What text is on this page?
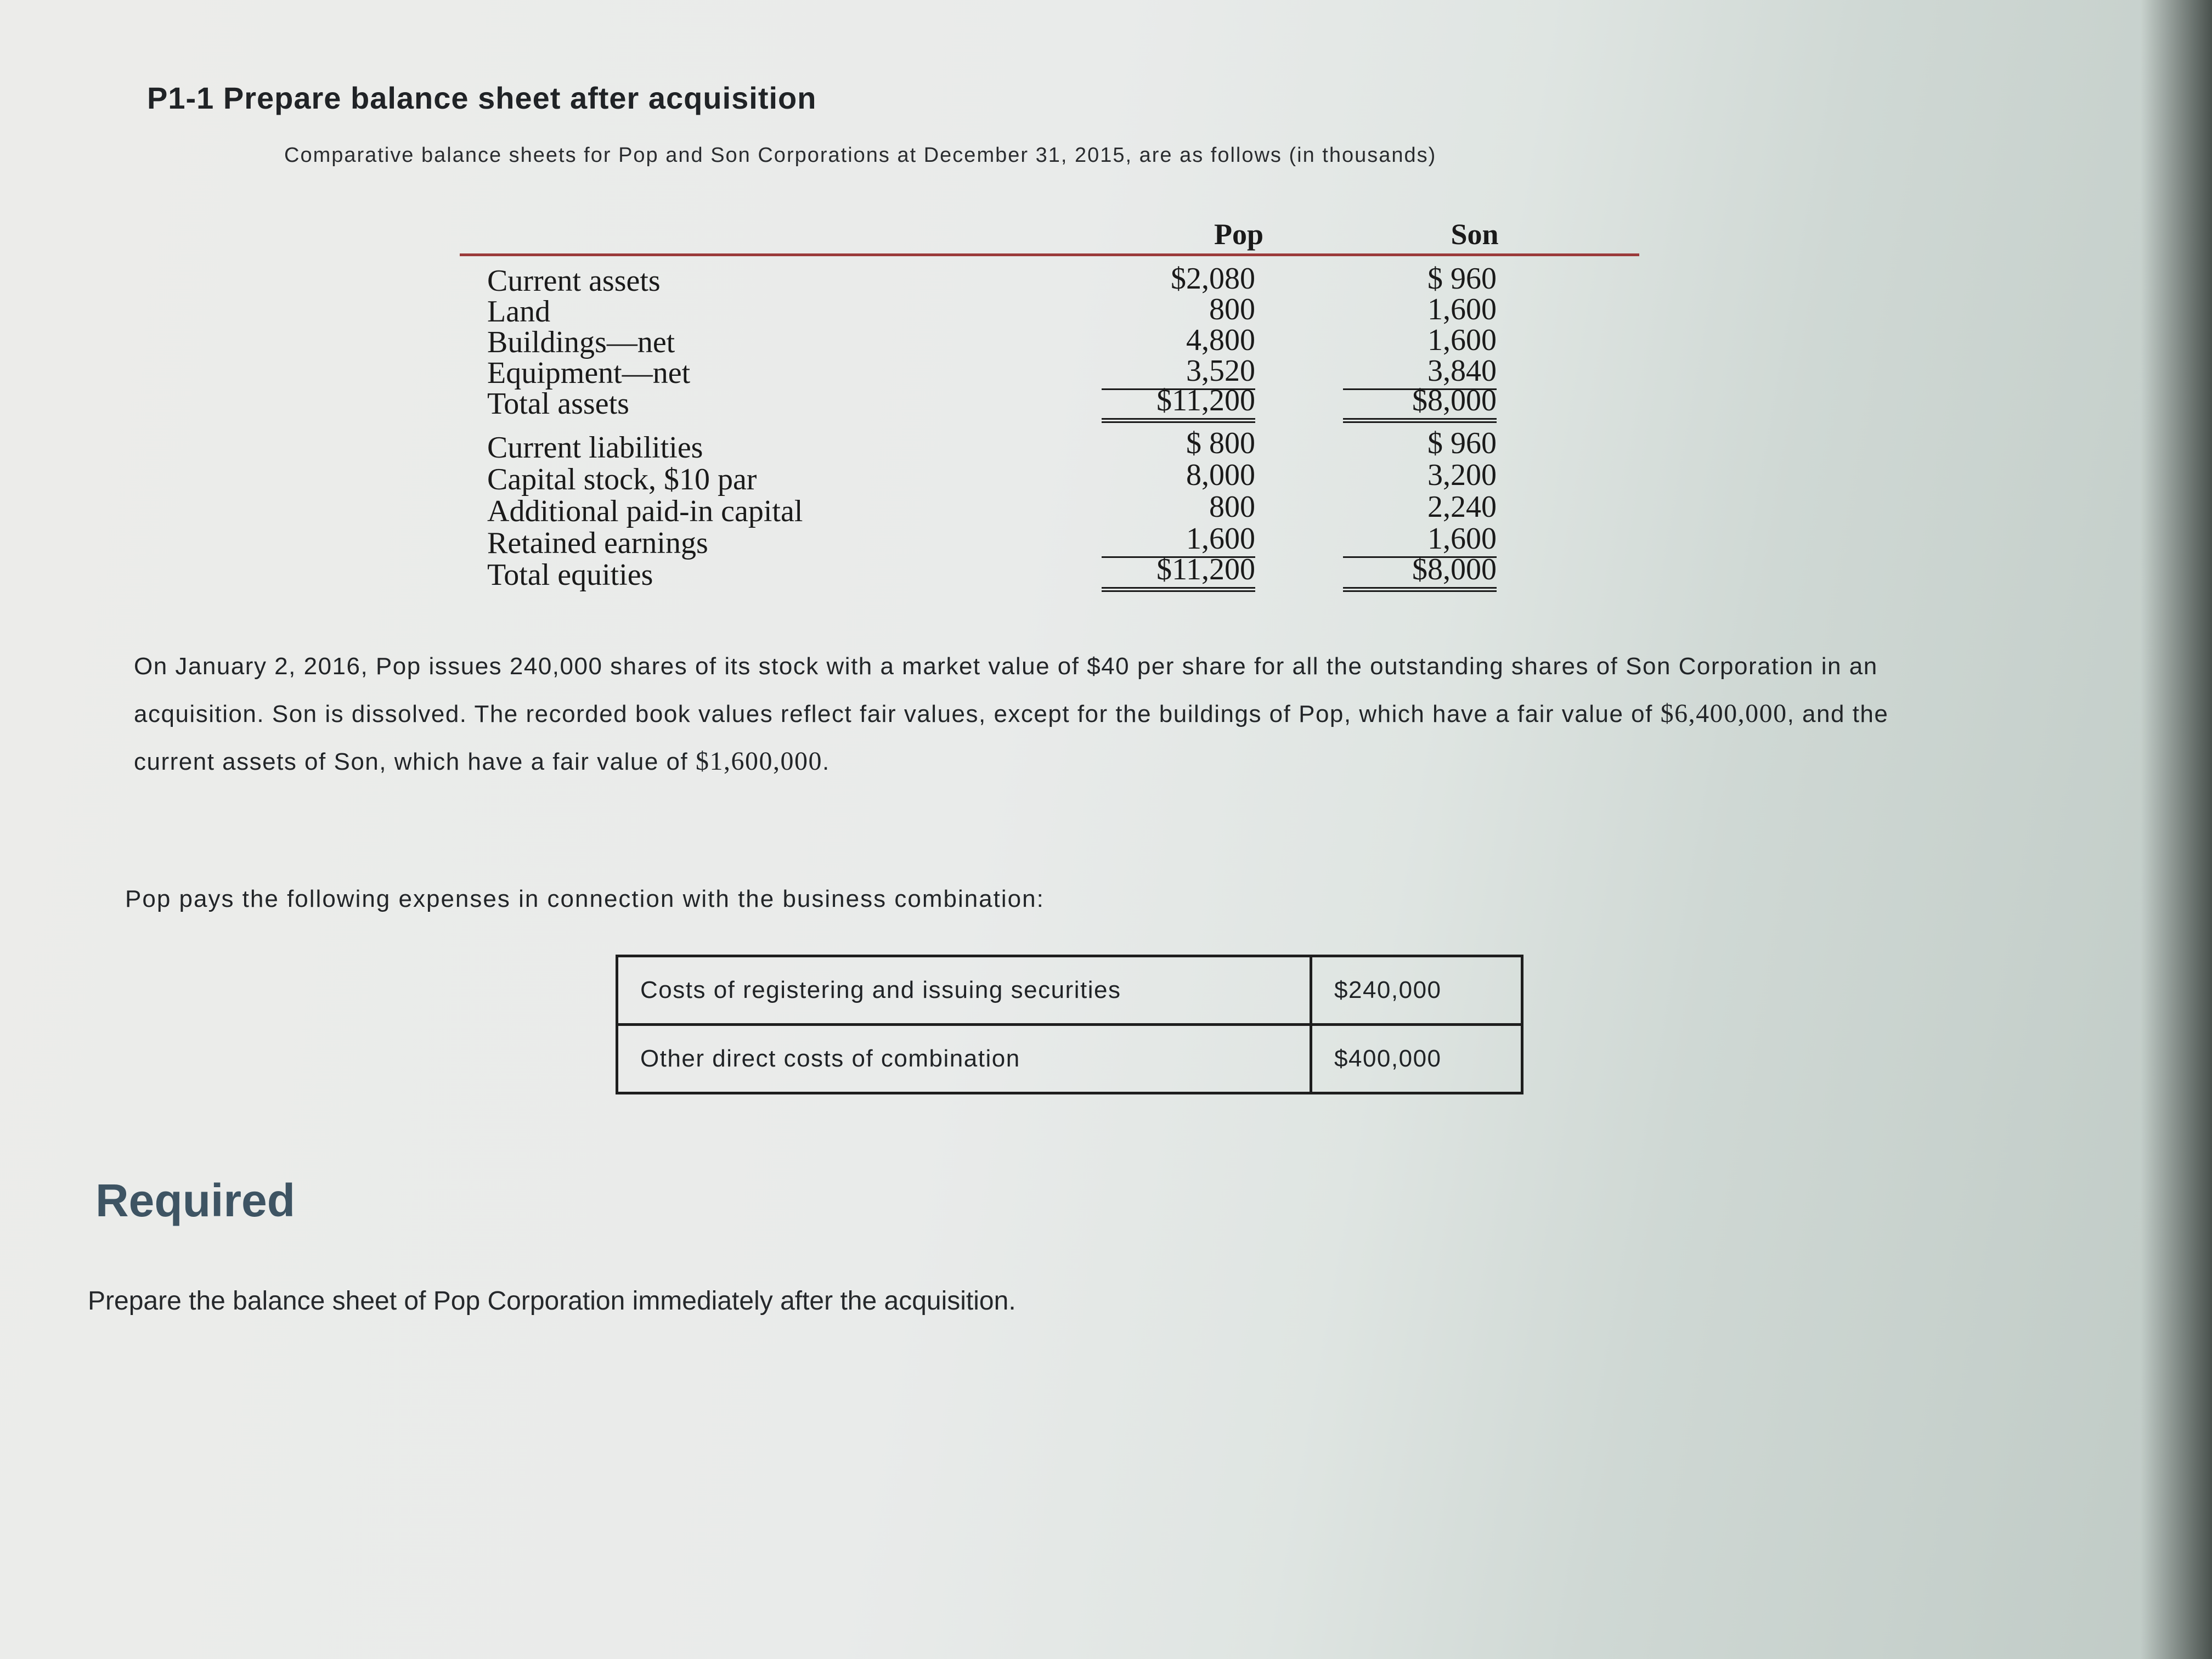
P1-1 Prepare balance sheet after acquisition
Comparative balance sheets for Pop and Son Corporations at December 31, 2015, are as follows (in thousands)
Pop	Son
Current assets	$2,080	$ 960
Land	800	1,600
Buildings—net	4,800	1,600
Equipment—net	3,520	3,840
Total assets	$11,200	$8,000
Current liabilities	$ 800	$ 960
Capital stock, $10 par	8,000	3,200
Additional paid-in capital	800	2,240
Retained earnings	1,600	1,600
Total equities	$11,200	$8,000
On January 2, 2016, Pop issues 240,000 shares of its stock with a market value of $40 per share for all the outstanding shares of Son Corporation in an acquisition. Son is dissolved. The recorded book values reflect fair values, except for the buildings of Pop, which have a fair value of $6,400,000, and the current assets of Son, which have a fair value of $1,600,000.
Pop pays the following expenses in connection with the business combination:
Costs of registering and issuing securities	$240,000
Other direct costs of combination	$400,000
Required
Prepare the balance sheet of Pop Corporation immediately after the acquisition.
